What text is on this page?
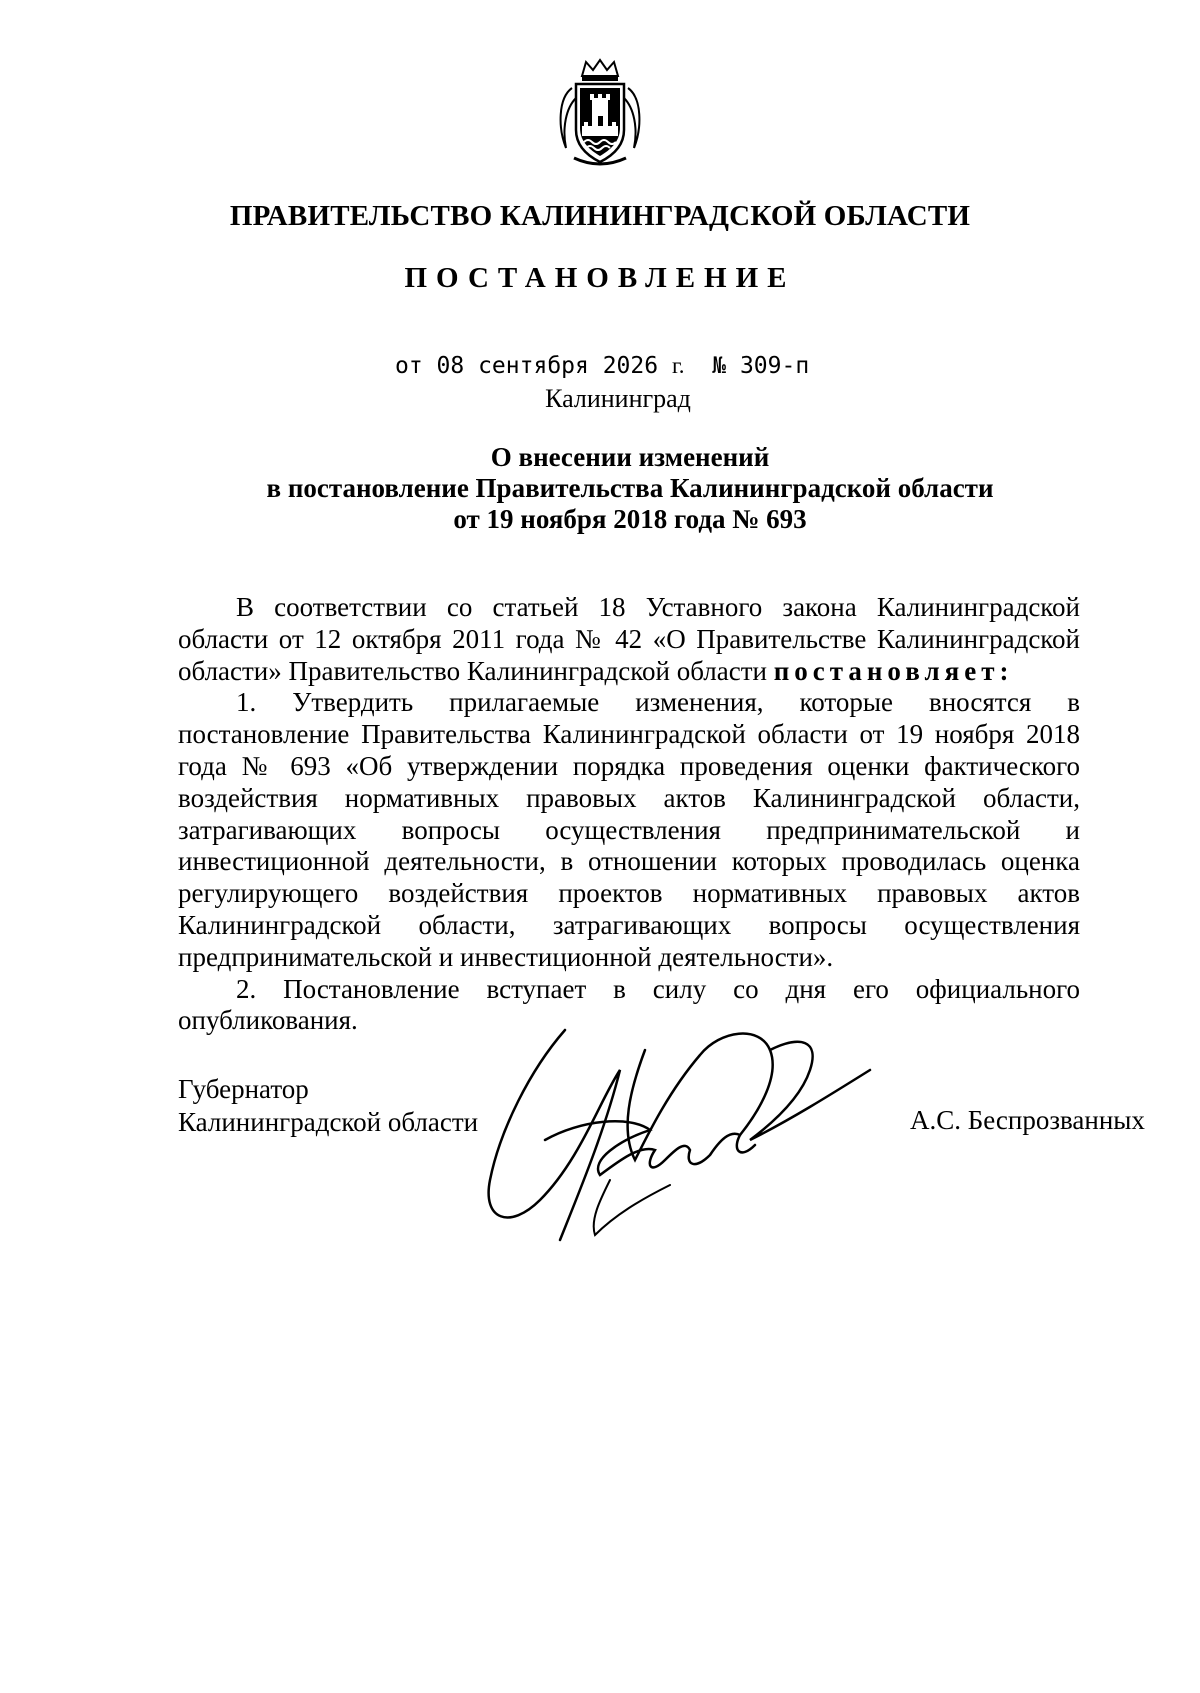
ПРАВИТЕЛЬСТВО КАЛИНИНГРАДСКОЙ ОБЛАСТИ
ПОСТАНОВЛЕНИЕ
от 08 сентября 2026 г. № 309-п
Калининград
О внесении изменений
в постановление Правительства Калининградской области
от 19 ноября 2018 года № 693

В соответствии со статьей 18 Уставного закона Калининградской области от 12 октября 2011 года № 42 «О Правительстве Калининградской области» Правительство Калининградской области постановляет:

1. Утвердить прилагаемые изменения, которые вносятся в постановление Правительства Калининградской области от 19 ноября 2018 года № 693 «Об утверждении порядка проведения оценки фактического воздействия нормативных правовых актов Калининградской области, затрагивающих вопросы осуществления предпринимательской и инвестиционной деятельности, в отношении которых проводилась оценка регулирующего воздействия проектов нормативных правовых актов Калининградской области, затрагивающих вопросы осуществления предпринимательской и инвестиционной деятельности».

2. Постановление вступает в силу со дня его официального опубликования.

Губернатор
Калининградской области	А.С. Беспрозванных
